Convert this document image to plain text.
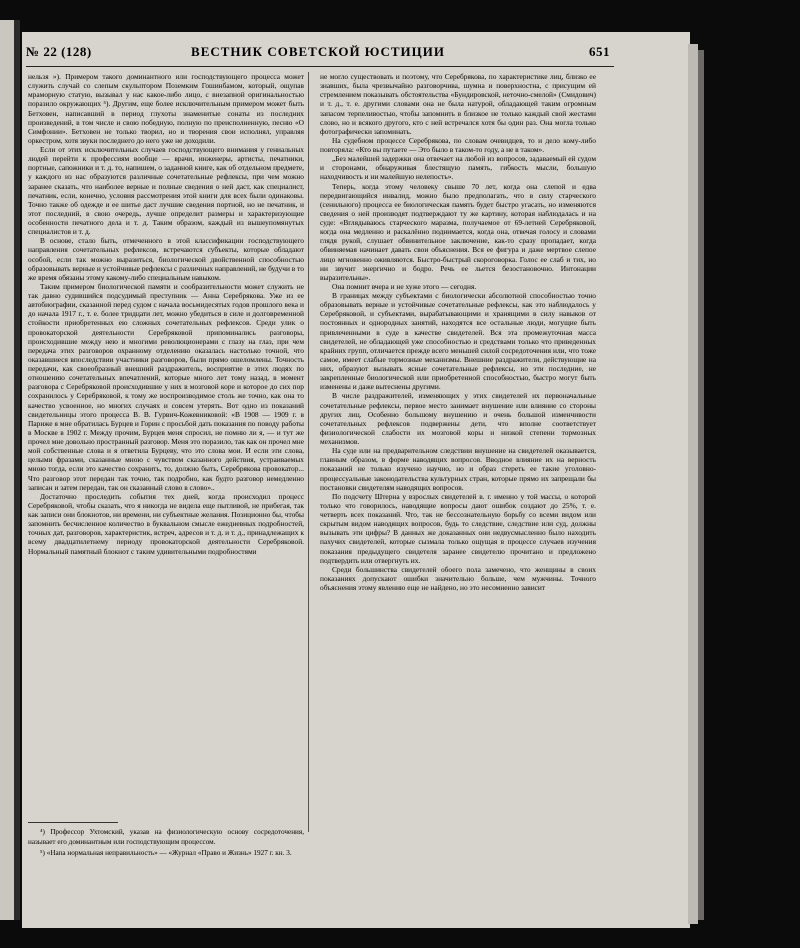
№ 22 (128)	ВЕСТНИК СОВЕТСКОЙ ЮСТИЦИИ	651

нельзя »). Примером такого доминантного или господствующего процесса может служить случай со слепым скульптором Поземким Гошинбамом, который, ощупав мраморную статую, вызывал у нас какое-либо лицо, с внезапной оригинальностью поразило окружающих ⁵). Другим, еще более исключительным примером может быть Бетховен, написавший в период глухоты знаменитые сонаты из последних произведений, в том числе и свою победную, полную по преисполненную, песню «О Симфонии». Бетховен не только творил, но и творения свои исполнял, управляя оркестром, хотя звуки последнего до него уже не доходили.

Если от этих исключительных случаев господствующего внимания у гениальных людей перейти к профессиям вообще — врачи, инженеры, артисты, печатники, портные, сапожники и т. д. то, напишем, о заданной книге, как об отдельном предмете, у каждого из нас образуются различные сочетательные рефлексы, при чем можно заранее сказать, что наиболее верные и полные сведения о ней даст, как специалист, печатник, если, конечно, условия рассмотрения этой книги для всех были одинаковы. Точно также об одежде и ее шитье даст лучшие сведения портной, но не печатник, и этот последний, в свою очередь, лучше определит размеры и характеризующие особенности печатного дела и т. д. Таким образом, каждый из вышеупомянутых специалистов и т. д.

В основе, стало быть, отмеченного в этой классификации господствующего направления сочетательных рефлексов, встречаются субъекты, которые обладают особой, если так можно выразиться, биологической двойственной способностью образовывать верные и устойчивые рефлексы с различных направлений, не будучи в то же время обязаны этому какому-либо специальным навыком.

Таким примером биологической памяти и сообразительности может служить не так давно судившийся подсудимый преступник — Анна Серебрякова. Уже из ее автобиографии, сказанной перед судом с начала восьмидесятых годов прошлого века и до начала 1917 г., т. е. более тридцати лет, можно убедиться в силе и долговременной стойкости приобретенных ею сложных сочетательных рефлексов. Среди улик о провокаторской деятельности Серебряковой припоминались разговоры, происходившие между нею и многими революционерами с глазу на глаз, при чем передача этих разговоров охранному отделению оказалась настолько точной, что оказавшиеся впоследствии участники разговоров, были прямо ошеломлены. Точность передачи, как своеобразный внешний раздражитель, восприятие в этих людях по отношению сочетательных впечатлений, которые много лет тому назад, в момент разговора с Серебряковой происходившие у них в мозговой коре и которое до сих пор сохранилось у Серебряковой, к тому же воспроизводимое столь же точно, как она то качество усвоенное, но многих случаях и совсем утерять. Вот одно из показаний свидетельницы этого процесса В. В. Гурвич-Кожевниковой: «В 1908 — 1909 г. в Париже я мне обратилась Бурцев и Горин с просьбой дать показания по поводу работы в Москве в 1902 г. Между прочим, Бурцев меня спросил, не помню ли я, — и тут же прочел мне довольно пространный разговор. Меня это поразило, так как он прочел мне мой собственные слова и я ответила Бурцеву, что это слова мои. И если эти слова, целыми фразами, сказанные мною с чувством сказанного действия, устраиваемых мною тогда, если это качество сохранить, то, должно быть, Серебрякова провокатор... Что разговор этот передан так точно, так подробно, как будто разговор немедленно записан и затем передан, так он сказанный слово в слово»..

Достаточно проследить события тех дней, когда происходил процесс Серебряковой, чтобы сказать, что я никогда не видела еще пытливой, не прибегая, так как записи они блокнотов, ни времени, ни субъектные желания. Позиционно бы, чтобы запомнить бесчисленное количество в буквальном смысле ежедневных подробностей, точных дат, разговоров, характеристик, встреч, адресов и т. д. и т. д., принадлежащих к всему двадцатилетнему периоду провокаторской деятельности Серебряковой. Нормальный памятный блокнот с таким удивительными подробностями

не могло существовать и поэтому, что Серебрякова, по характеристике лиц, близко ее знавших, была чрезвычайно разговорчива, шумна и поверхностна, с присущим ей стремлением показывать обстоятельства «Бундировской, неточно-смелой» (Смидович) и т. д., т. е. другими словами она не была натурой, обладающей таким огромным запасом терпеливостью, чтобы запомнить в близкое не только каждый свой жестами слово, но и всякого другого, кто с ней встречался хотя бы один раз. Она могла только фотографически запоминать.

На судебном процессе Серебрякова, по словам очевидцев, то и дело кому-либо повторяла: «Кто вы путаете — Это было в таком-то году, а не в таком».

„Без малейшей задержки она отвечает на любой из вопросов, задаваемый ей судом и сторонами, обнаруживая блестящую память, гибкость мысли, большую находчивость и ни малейшую нелепость».

Теперь, когда этому человеку свыше 70 лет, когда она слепой и едва передвигающийся инвалид, можно было предполагать, что в силу старческого (сенильного) процесса ее биологическая память будет быстро угасать, но изменяются сведения о ней производят подтверждают ту же картину, которая наблюдалась и на суде: «Вглядываюсь старческого маразма, получаемое от 69-летней Серебряковой, когда она медленно и раскалённо поднимается, когда она, отвечая голосу и словами глядя рукой, слушает обвинительное заключение, как-то сразу пропадает, когда обвиняемая начинает давать свои объяснения. Вся ее фигура и даже мертвое слепое лицо мгновенно оживляются. Быстро-быстрый скороговорка. Голос ее слаб и тих, но ни звучит энергично и бодро. Речь ее льется безостановочно. Интонации выразительны».

Она помнит вчера и не хуже этого — сегодня.

В границах между субъектами с биологически абсолютной способностью точно образовывать верные и устойчивые сочетательные рефлексы, как это наблюдалось у Серебряковой, и субъектами, вырабатывающими и хранящими в силу навыков от постоянных и однородных занятий, находятся все остальные люди, могущие быть привлеченными в суде в качестве свидетелей. Вся эта промежуточная масса свидетелей, не обладающей уже способностью и средствами только что приведенных крайних групп, отличается прежде всего меньшей силой сосредоточения или, что тоже самое, имеет слабые тормозные механизмы. Внешние раздражители, действующие на них, образуют вызывать ясные сочетательные рефлексы, но эти последние, не закрепленные биологической или приобретенной способностью, быстро могут быть изменены и даже вытеснены другими.

В числе раздражителей, изменяющих у этих свидетелей их первоначальные сочетательные рефлексы, первое место занимает внушение или влияние со стороны других лиц. Особенно большому внушению и очень большой изменчивости сочетательных рефлексов подвержены дети, что вполне соответствует физиологической слабости их мозговой коры и низкой степени тормозных механизмов.

На суде или на предварительном следствии внушение на свидетелей оказывается, главным образом, в форме наводящих вопросов. Вводное влияние их на верность показаний не только изучено научно, но и образ стереть ее такие уголовно-процессуальные законодательства культурных стран, которые прямо их запрещали бы постановки свидетелям наводящих вопросов.

По подсчету Штерна у взрослых свидетелей в. г. именно у той массы, о которой только что говорилось, наводящие вопросы дают ошибок создают до 25%, т. е. четверть всех показаний. Что, так не бессознательную борьбу со всеми видом или скрытым видом наводящих вопросов, будь то следствие, следствие или суд, должны вызывать эти цифры? В данных же доказанных они недвусмысленно было находить пахучих свидетелей, которые сызмала только ощущая в процессе случаев изучения показания предыдущего свидетеля заранее свидетелю прочитано и предложено подтвердить или отвергнуть их.

Среди большинства свидетелей обоего пола замечено, что женщины в своих показаниях допускают ошибки значительно больше, чем мужчины. Точного объяснения этому явлению еще не найдено, но это несомненно зависит

⁴) Профессор Ухтомский, указав на физиологическую основу сосредоточения, называет его доминантным или господствующим процессом.

⁵) «Напа нормальная неправильность» — «Журнал «Право и Жизнь» 1927 г. кн. 3.
